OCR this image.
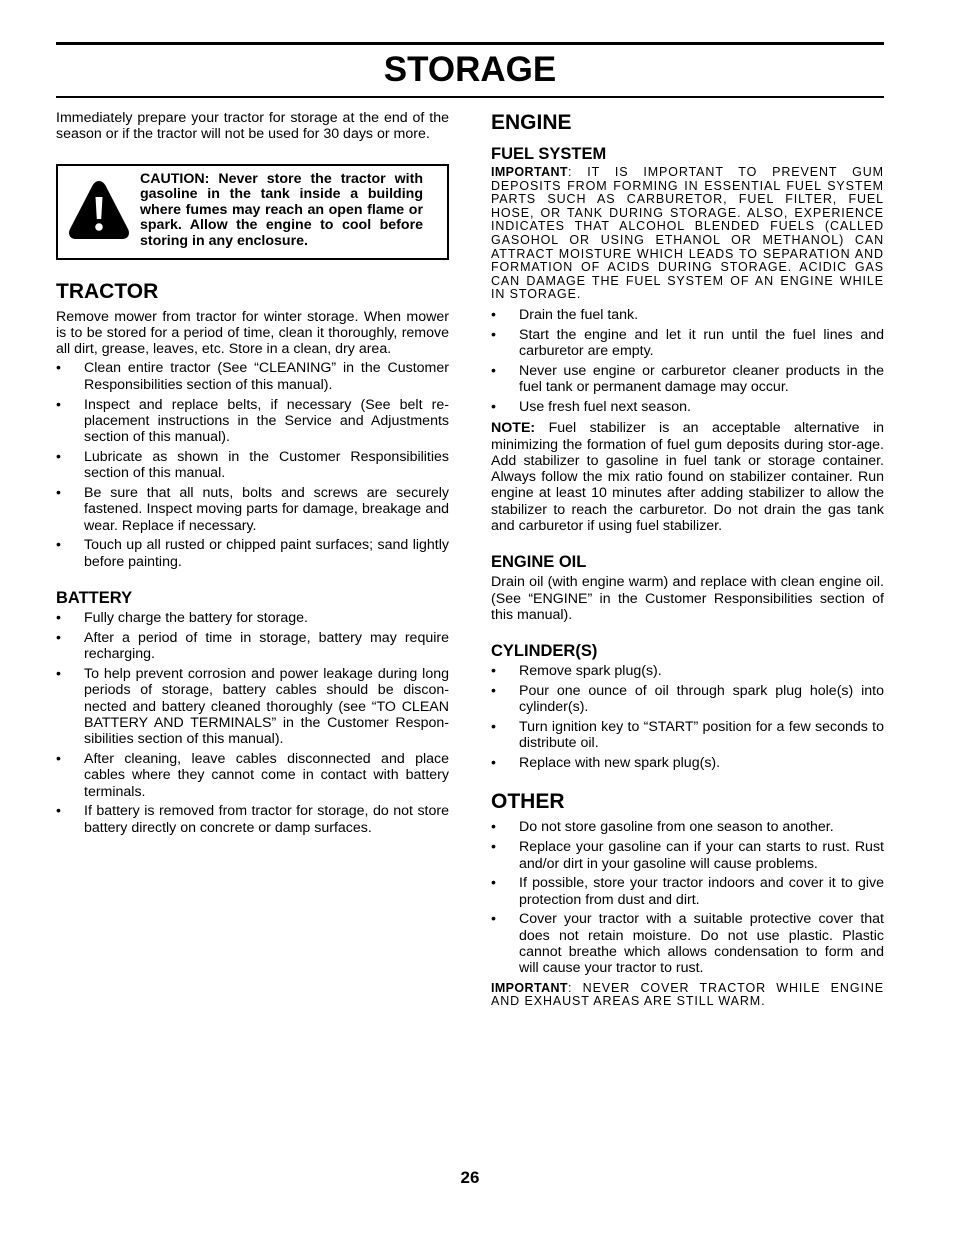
STORAGE

Immediately prepare your tractor for storage at the end of the season or if the tractor will not be used for 30 days or more.

CAUTION: Never store the tractor with gasoline in the tank inside a building where fumes may reach an open flame or spark. Allow the engine to cool before storing in any enclosure.
TRACTOR

Remove mower from tractor for winter storage. When mower is to be stored for a period of time, clean it thoroughly, remove all dirt, grease, leaves, etc. Store in a clean, dry area.

• Clean entire tractor (See “CLEANING” in the Customer Responsibilities section of this manual).
• Inspect and replace belts, if necessary (See belt re-placement instructions in the Service and Adjustments section of this manual).
• Lubricate as shown in the Customer Responsibilities section of this manual.
• Be sure that all nuts, bolts and screws are securely fastened. Inspect moving parts for damage, breakage and wear. Replace if necessary.
• Touch up all rusted or chipped paint surfaces; sand lightly before painting.
BATTERY
• Fully charge the battery for storage.
• After a period of time in storage, battery may require recharging.
• To help prevent corrosion and power leakage during long periods of storage, battery cables should be discon-nected and battery cleaned thoroughly (see “TO CLEAN BATTERY AND TERMINALS” in the Customer Respon-sibilities section of this manual).
• After cleaning, leave cables disconnected and place cables where they cannot come in contact with battery terminals.
• If battery is removed from tractor for storage, do not store battery directly on concrete or damp surfaces.
ENGINE
FUEL SYSTEM

IMPORTANT: IT IS IMPORTANT TO PREVENT GUM DEPOSITS FROM FORMING IN ESSENTIAL FUEL SYSTEM PARTS SUCH AS CARBURETOR, FUEL FILTER, FUEL HOSE, OR TANK DURING STORAGE. ALSO, EXPERIENCE INDICATES THAT ALCOHOL BLENDED FUELS (CALLED GASOHOL OR USING ETHANOL OR METHANOL) CAN ATTRACT MOISTURE WHICH LEADS TO SEPARATION AND FORMATION OF ACIDS DURING STORAGE. ACIDIC GAS CAN DAMAGE THE FUEL SYSTEM OF AN ENGINE WHILE IN STORAGE.

• Drain the fuel tank.
• Start the engine and let it run until the fuel lines and carburetor are empty.
• Never use engine or carburetor cleaner products in the fuel tank or permanent damage may occur.
• Use fresh fuel next season.

NOTE: Fuel stabilizer is an acceptable alternative in minimizing the formation of fuel gum deposits during stor-age. Add stabilizer to gasoline in fuel tank or storage container. Always follow the mix ratio found on stabilizer container. Run engine at least 10 minutes after adding stabilizer to allow the stabilizer to reach the carburetor. Do not drain the gas tank and carburetor if using fuel stabilizer.

ENGINE OIL

Drain oil (with engine warm) and replace with clean engine oil. (See “ENGINE” in the Customer Responsibilities section of this manual).

CYLINDER(S)
• Remove spark plug(s).
• Pour one ounce of oil through spark plug hole(s) into cylinder(s).
• Turn ignition key to “START” position for a few seconds to distribute oil.
• Replace with new spark plug(s).
OTHER
• Do not store gasoline from one season to another.
• Replace your gasoline can if your can starts to rust. Rust and/or dirt in your gasoline will cause problems.
• If possible, store your tractor indoors and cover it to give protection from dust and dirt.
• Cover your tractor with a suitable protective cover that does not retain moisture. Do not use plastic. Plastic cannot breathe which allows condensation to form and will cause your tractor to rust.

IMPORTANT: NEVER COVER TRACTOR WHILE ENGINE AND EXHAUST AREAS ARE STILL WARM.

26
